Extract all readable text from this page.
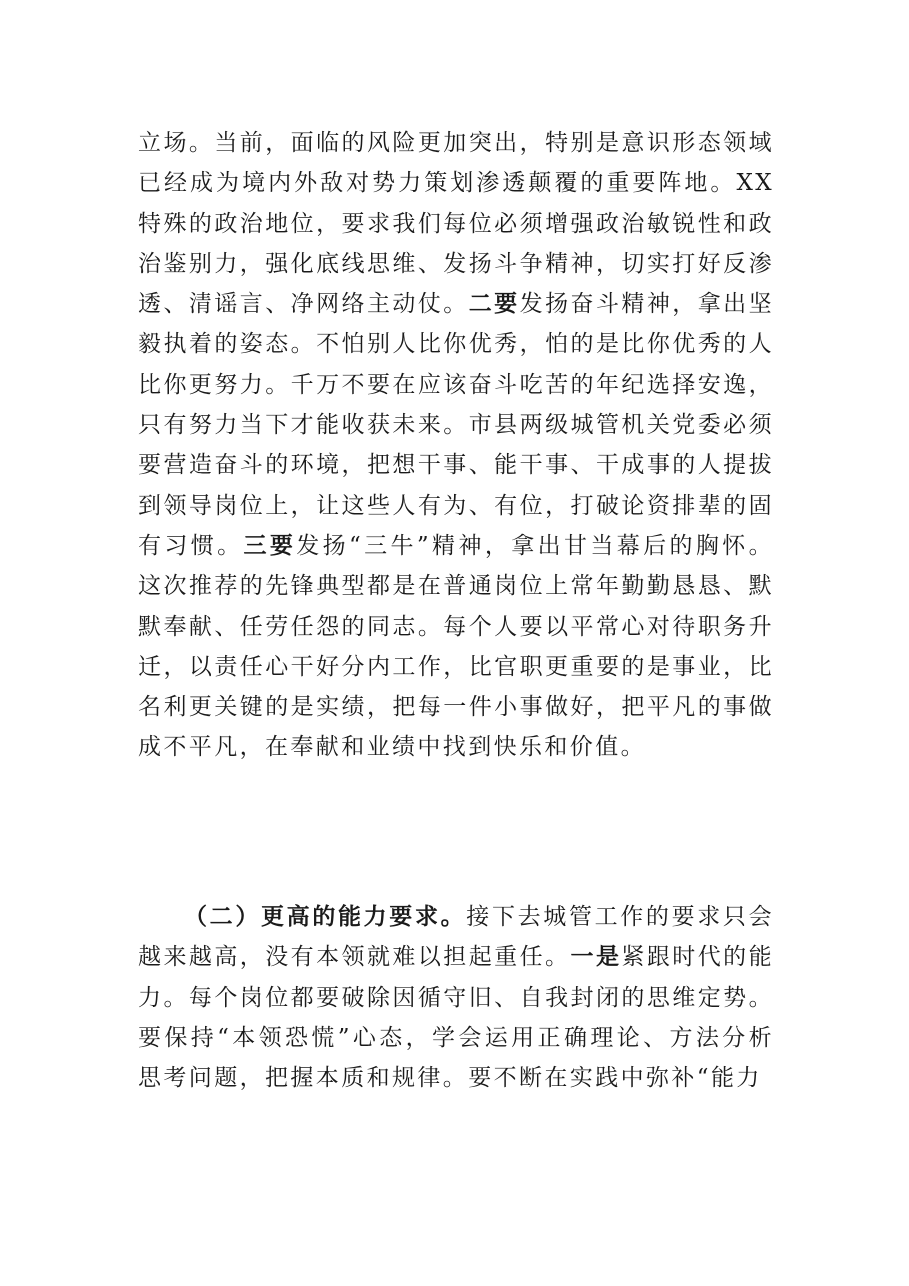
立场。当前，面临的风险更加突出，特别是意识形态领域已经成为境内外敌对势力策划渗透颠覆的重要阵地。XX特殊的政治地位，要求我们每位必须增强政治敏锐性和政治鉴别力，强化底线思维、发扬斗争精神，切实打好反渗透、清谣言、净网络主动仗。二要发扬奋斗精神，拿出坚毅执着的姿态。不怕别人比你优秀，怕的是比你优秀的人比你更努力。千万不要在应该奋斗吃苦的年纪选择安逸，只有努力当下才能收获未来。市县两级城管机关党委必须要营造奋斗的环境，把想干事、能干事、干成事的人提拔到领导岗位上，让这些人有为、有位，打破论资排辈的固有习惯。三要发扬“三牛”精神，拿出甘当幕后的胸怀。这次推荐的先锋典型都是在普通岗位上常年勤勤恳恳、默默奉献、任劳任怨的同志。每个人要以平常心对待职务升迁，以责任心干好分内工作，比官职更重要的是事业，比名利更关键的是实绩，把每一件小事做好，把平凡的事做成不平凡，在奉献和业绩中找到快乐和价值。

（二）更高的能力要求。接下去城管工作的要求只会越来越高，没有本领就难以担起重任。一是紧跟时代的能力。每个岗位都要破除因循守旧、自我封闭的思维定势。要保持“本领恐慌”心态，学会运用正确理论、方法分析思考问题，把握本质和规律。要不断在实践中弥补“能力
